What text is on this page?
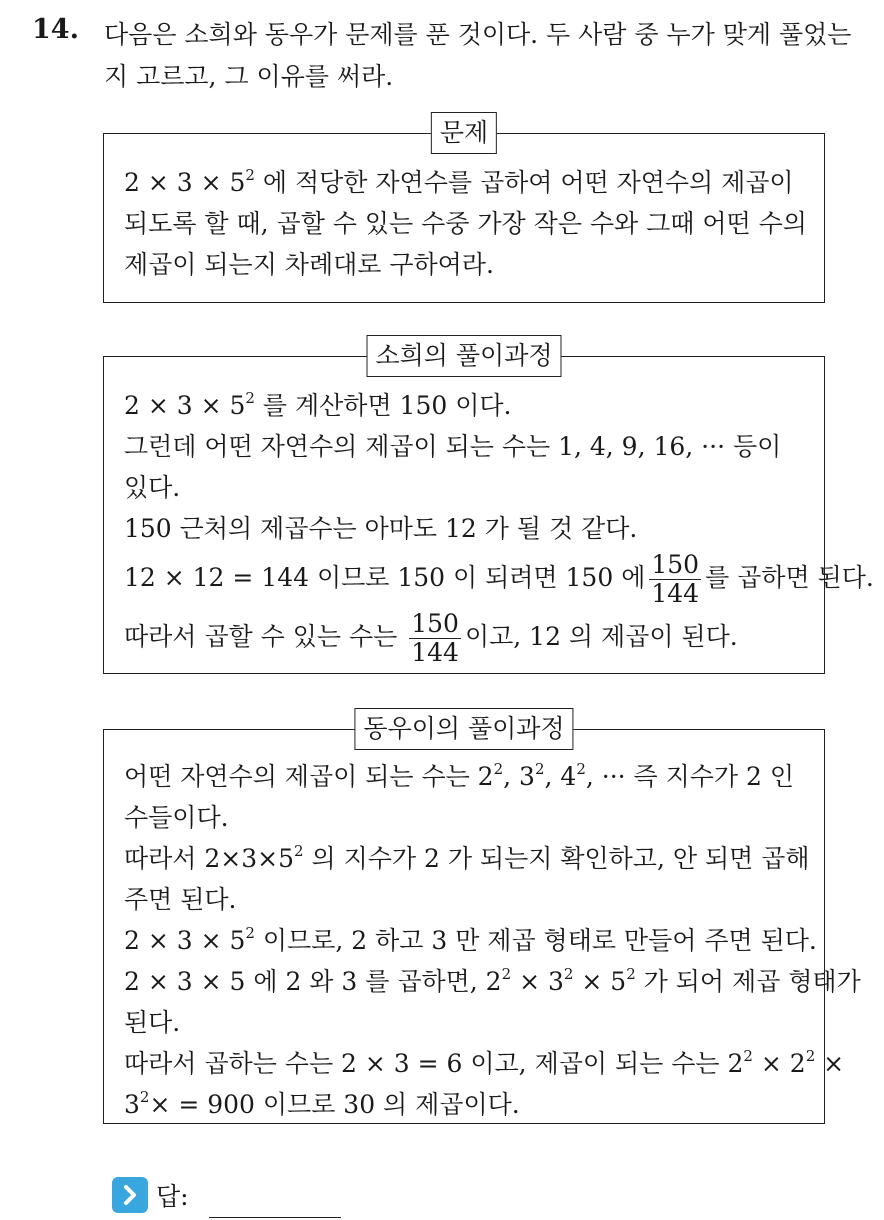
14. 다음은 소희와 동우가 문제를 푼 것이다. 두 사람 중 누가 맞게 풀었는지 고르고, 그 이유를 써라.
문제
$2 \times 3 \times 5^2$ 에 적당한 자연수를 곱하여 어떤 자연수의 제곱이
되도록 할 때, 곱할 수 있는 수중 가장 작은 수와 그때 어떤 수의
제곱이 되는지 차례대로 구하여라.
소희의 풀이과정
$2 \times 3 \times 5^2$ 를 계산하면 150 이다.
그런데 어떤 자연수의 제곱이 되는 수는 1, 4, 9, 16, ··· 등이
있다.
150 근처의 제곱수는 아마도 12 가 될 것 같다.
12 × 12 = 144 이므로 150 이 되려면 150 에 $\frac{150}{144}$ 를 곱하면 된다.
따라서 곱할 수 있는 수는 $\frac{150}{144}$ 이고, 12 의 제곱이 된다.
동우이의 풀이과정
어떤 자연수의 제곱이 되는 수는 $2^2$, $3^2$, $4^2$, ··· 즉 지수가 2 인
수들이다.
따라서 $2\times 3\times 5^2$ 의 지수가 2 가 되는지 확인하고, 안 되면 곱해
주면 된다.
$2 \times 3 \times 5^2$ 이므로, 2 하고 3 만 제곱 형태로 만들어 주면 된다.
2 × 3 × 5 에 2 와 3 를 곱하면, $2^2 \times 3^2 \times 5^2$ 가 되어 제곱 형태가
된다.
따라서 곱하는 수는 2 × 3 = 6 이고, 제곱이 되는 수는 $2^2 \times 2^2$ ×
$3^2\times = 900$ 이므로 30 의 제곱이다.
답:
